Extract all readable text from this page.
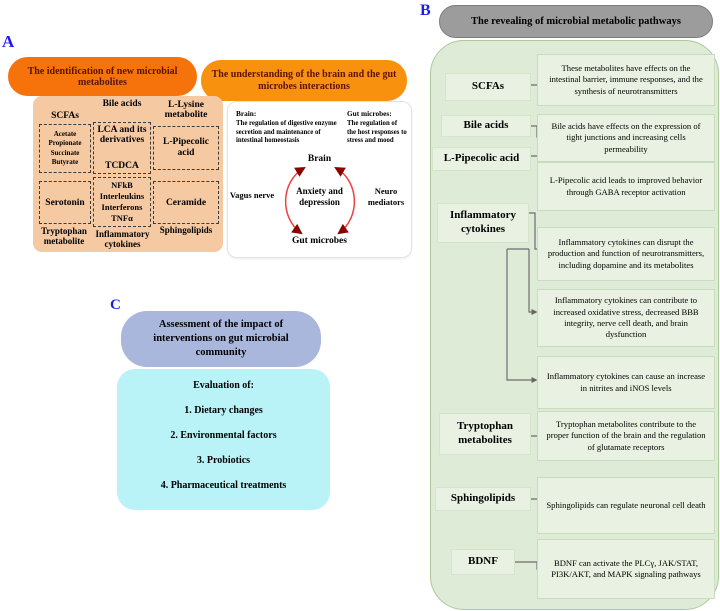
A
The identification of new microbial metabolites
The understanding of the brain and the gut microbes interactions
SCFAs
Bile acids	L-Lysine metabolite
Acetate
Propionate
Succinate
Butyrate
LCA and its derivatives
TCDCA
L-Pipecolic acid
Serotonin
NFkB
Interleukins
Interferons
TNFα
Ceramide
Tryptophan metabolite
Inflammatory cytokines
Sphingolipids
Brain:
The regulation of digestive enzyme secretion and maintenance of intestinal homeostasis
Gut microbes:
The regulation of the host responses to stress and mood
Brain
Vagus nerve	Anxiety and depression
Neuro mediators
Gut microbes
C
Assessment of the impact of interventions on gut microbial community
Evaluation of:
1. Dietary changes
2. Environmental factors
3. Probiotics
4. Pharmaceutical treatments
B
The revealing of microbial metabolic pathways
SCFAs
Bile acids
L-Pipecolic acid
Inflammatory cytokines
Tryptophan metabolites
Sphingolipids
BDNF
These metabolites have effects on the intestinal barrier, immune responses, and the synthesis of neurotransmitters
Bile acids have effects on the expression of tight junctions and increasing cells permeability
L-Pipecolic acid leads to improved behavior through GABA receptor activation
Inflammatory cytokines can disrupt the production and function of neurotransmitters, including dopamine and its metabolites
Inflammatory cytokines can contribute to increased oxidative stress, decreased BBB integrity, nerve cell death, and brain dysfunction
Inflammatory cytokines can cause an increase in nitrites and iNOS levels
Tryptophan metabolites contribute to the proper function of the brain and the regulation of glutamate receptors
Sphingolipids can regulate neuronal cell death
BDNF can activate the PLCγ, JAK/STAT, PI3K/AKT, and MAPK signaling pathways
